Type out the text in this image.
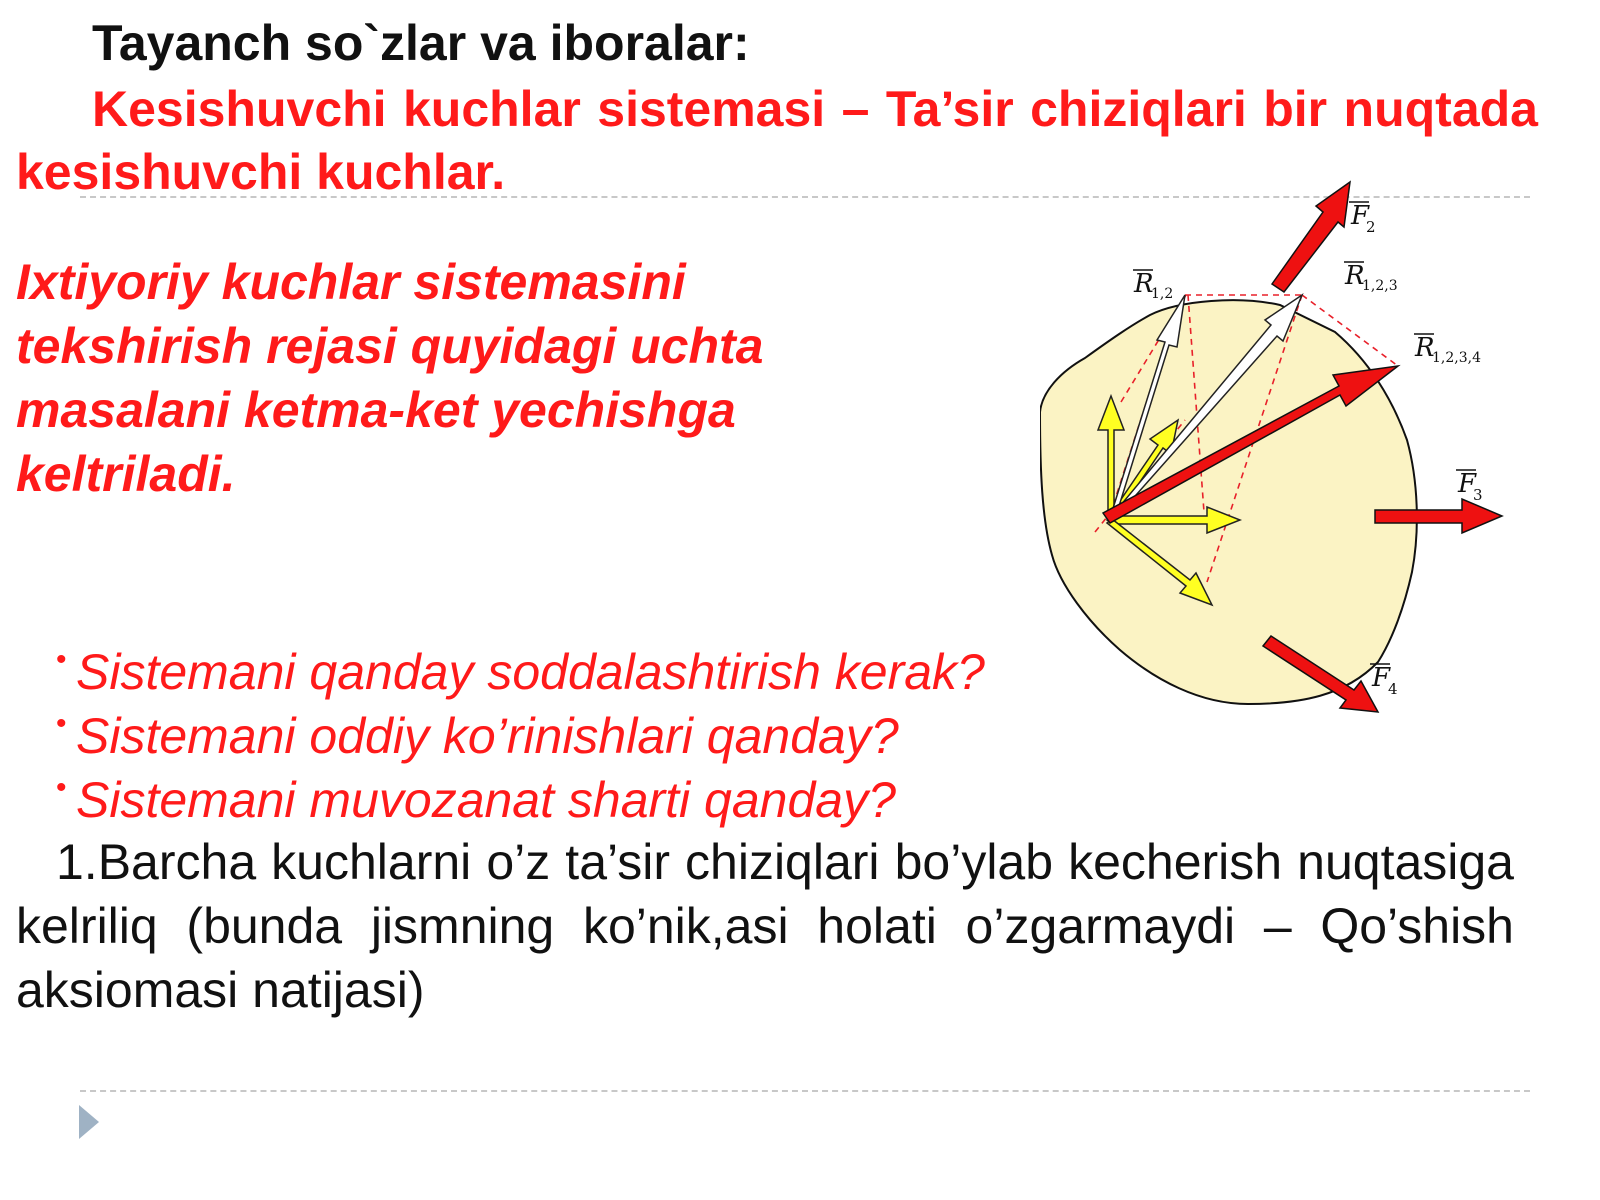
Tayanch so`zlar va iboralar:
Kesishuvchi kuchlar sistemasi – Ta’sir chiziqlari bir nuqtada kesishuvchi kuchlar.
Ixtiyoriy kuchlar sistemasini tekshirish rejasi quyidagi uchta masalani ketma-ket yechishga keltriladi.
• Sistemani qanday soddalashtirish kerak?
• Sistemani oddiy ko’rinishlari qanday?
• Sistemani muvozanat sharti qanday?
1.Barcha kuchlarni o’z ta’sir chiziqlari bo’ylab kecherish nuqtasiga kelriliq (bunda jismning ko’nik,asi holati o’zgarmaydi – Qo’shish aksiomasi natijasi)
F
2
R
1,2
R
1,2,3
R
1,2,3,4
F
3
F
4
